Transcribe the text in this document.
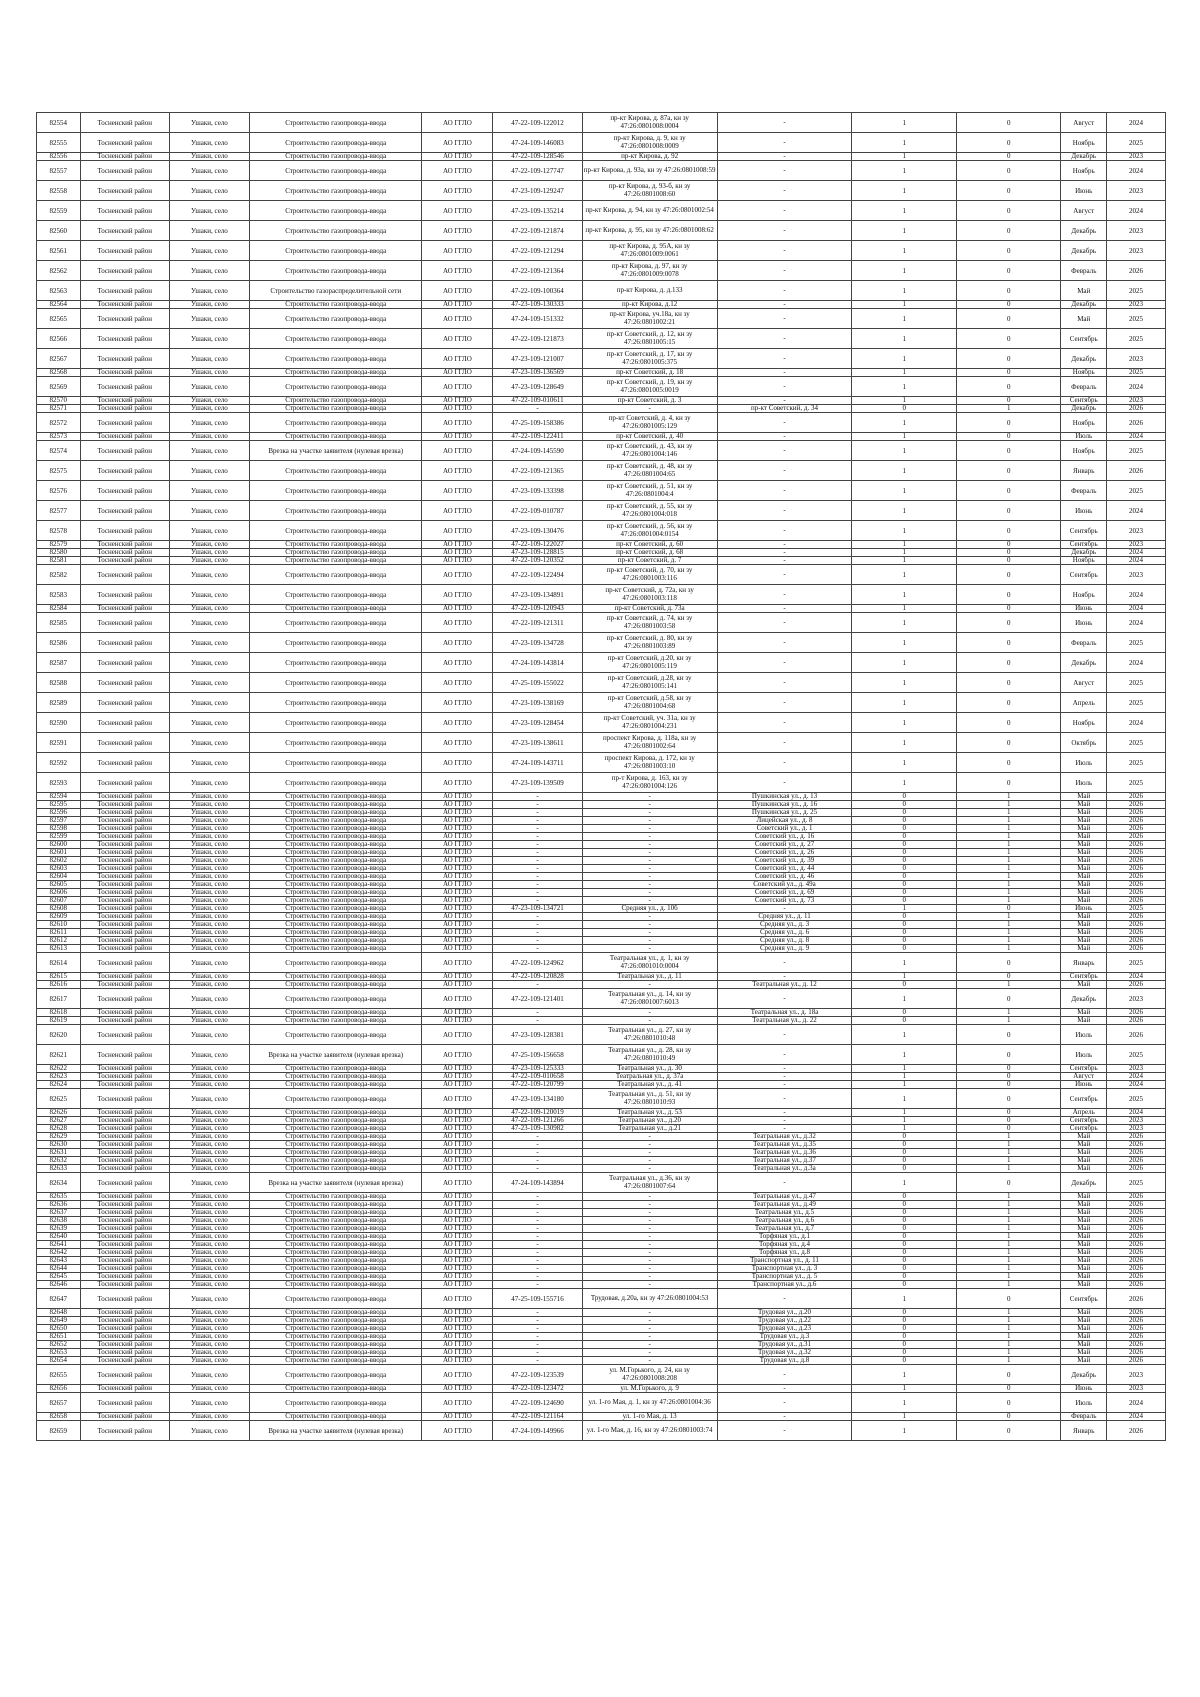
82554	Тосненский район	Ушаки, село	Строительство газопровода-ввода	АО ГГЛО	47-22-109-122012	пр-кт Кирова, д. 87а, кн зу 47:26:0801008:0004	-	1	0	Август	2024
82555	Тосненский район	Ушаки, село	Строительство газопровода-ввода	АО ГГЛО	47-24-109-146083	пр-кт Кирова, д. 9, кн зу 47:26:0801008:0009	-	1	0	Ноябрь	2025
82556	Тосненский район	Ушаки, село	Строительство газопровода-ввода	АО ГГЛО	47-22-109-128546	пр-кт Кирова, д. 92	-	1	0	Декабрь	2023
82557	Тосненский район	Ушаки, село	Строительство газопровода-ввода	АО ГГЛО	47-22-109-127747	пр-кт Кирова, д. 93а, кн зу 47:26:0801008:59	-	1	0	Ноябрь	2024
82558	Тосненский район	Ушаки, село	Строительство газопровода-ввода	АО ГГЛО	47-23-109-129247	пр-кт Кирова, д. 93-б, кн зу 47:26:0801008:60	-	1	0	Июнь	2023
82559	Тосненский район	Ушаки, село	Строительство газопровода-ввода	АО ГГЛО	47-23-109-135214	пр-кт Кирова, д. 94, кн зу 47:26:0801002:54	-	1	0	Август	2024
82560	Тосненский район	Ушаки, село	Строительство газопровода-ввода	АО ГГЛО	47-22-109-121874	пр-кт Кирова, д. 95, кн зу 47:26:0801008:62	-	1	0	Декабрь	2023
82561	Тосненский район	Ушаки, село	Строительство газопровода-ввода	АО ГГЛО	47-22-109-121294	пр-кт Кирова, д. 95А, кн зу 47:26:0801009:0061	-	1	0	Декабрь	2023
82562	Тосненский район	Ушаки, село	Строительство газопровода-ввода	АО ГГЛО	47-22-109-121364	пр-кт Кирова, д. 97, кн зу 47:26:0801009:0078	-	1	0	Февраль	2026
82563	Тосненский район	Ушаки, село	Строительство газораспределительной сети	АО ГГЛО	47-22-109-100364	пр-кт Кирова, д. д.133	-	1	0	Май	2025
82564	Тосненский район	Ушаки, село	Строительство газопровода-ввода	АО ГГЛО	47-23-109-130333	пр-кт Кирова, д.12	-	1	0	Декабрь	2023
82565	Тосненский район	Ушаки, село	Строительство газопровода-ввода	АО ГГЛО	47-24-109-151332	пр-кт Кирова, уч.18а, кн зу 47:26:0801002:21	-	1	0	Май	2025
82566	Тосненский район	Ушаки, село	Строительство газопровода-ввода	АО ГГЛО	47-22-109-121873	пр-кт Советский, д. 12, кн зу 47:26:0801005:15	-	1	0	Сентябрь	2025
82567	Тосненский район	Ушаки, село	Строительство газопровода-ввода	АО ГГЛО	47-23-109-121007	пр-кт Советский, д. 17, кн зу 47:26:0801005:375	-	1	0	Декабрь	2023
82568	Тосненский район	Ушаки, село	Строительство газопровода-ввода	АО ГГЛО	47-23-109-136569	пр-кт Советский, д. 18	-	1	0	Ноябрь	2025
82569	Тосненский район	Ушаки, село	Строительство газопровода-ввода	АО ГГЛО	47-23-109-128649	пр-кт Советский, д. 19, кн зу 47:26:0801005:0019	-	1	0	Февраль	2024
82570	Тосненский район	Ушаки, село	Строительство газопровода-ввода	АО ГГЛО	47-22-109-010611	пр-кт Советский, д. 3	-	1	0	Сентябрь	2023
82571	Тосненский район	Ушаки, село	Строительство газопровода-ввода	АО ГГЛО	-	-	пр-кт Советский, д. 34	0	1	Декабрь	2026
82572	Тосненский район	Ушаки, село	Строительство газопровода-ввода	АО ГГЛО	47-25-109-158386	пр-кт Советский, д. 4, кн зу 47:26:0801005:129	-	1	0	Ноябрь	2026
82573	Тосненский район	Ушаки, село	Строительство газопровода-ввода	АО ГГЛО	47-22-109-122411	пр-кт Советский, д. 40	-	1	0	Июль	2024
82574	Тосненский район	Ушаки, село	Врезка на участке заявителя (нулевая врезка)	АО ГГЛО	47-24-109-145590	пр-кт Советский, д. 43, кн зу 47:26:0801004:146	-	1	0	Ноябрь	2025
82575	Тосненский район	Ушаки, село	Строительство газопровода-ввода	АО ГГЛО	47-22-109-121365	пр-кт Советский, д. 48, кн зу 47:26:0801004:65	-	1	0	Январь	2026
82576	Тосненский район	Ушаки, село	Строительство газопровода-ввода	АО ГГЛО	47-23-109-133398	пр-кт Советский, д. 51, кн зу 47:26:0801004:4	-	1	0	Февраль	2025
82577	Тосненский район	Ушаки, село	Строительство газопровода-ввода	АО ГГЛО	47-22-109-010787	пр-кт Советский, д. 55, кн зу 47:26:0801004:018	-	1	0	Июнь	2024
82578	Тосненский район	Ушаки, село	Строительство газопровода-ввода	АО ГГЛО	47-23-109-130476	пр-кт Советский, д. 56, кн зу 47:26:0801004:0154	-	1	0	Сентябрь	2023
82579	Тосненский район	Ушаки, село	Строительство газопровода-ввода	АО ГГЛО	47-22-109-122027	пр-кт Советский, д. 60	-	1	0	Сентябрь	2023
82580	Тосненский район	Ушаки, село	Строительство газопровода-ввода	АО ГГЛО	47-23-109-128815	пр-кт Советский, д. 68	-	1	0	Декабрь	2024
82581	Тосненский район	Ушаки, село	Строительство газопровода-ввода	АО ГГЛО	47-22-109-120352	пр-кт Советский, д. 7	-	1	0	Ноябрь	2024
82582	Тосненский район	Ушаки, село	Строительство газопровода-ввода	АО ГГЛО	47-22-109-122494	пр-кт Советский, д. 70, кн зу 47:26:0801003:116	-	1	0	Сентябрь	2023
82583	Тосненский район	Ушаки, село	Строительство газопровода-ввода	АО ГГЛО	47-23-109-134891	пр-кт Советский, д. 72а, кн зу 47:26:0801003:118	-	1	0	Ноябрь	2024
82584	Тосненский район	Ушаки, село	Строительство газопровода-ввода	АО ГГЛО	47-22-109-120943	пр-кт Советский, д. 73а	-	1	0	Июнь	2024
82585	Тосненский район	Ушаки, село	Строительство газопровода-ввода	АО ГГЛО	47-22-109-121311	пр-кт Советский, д. 74, кн зу 47:26:0801003:58	-	1	0	Июнь	2024
82586	Тосненский район	Ушаки, село	Строительство газопровода-ввода	АО ГГЛО	47-23-109-134728	пр-кт Советский, д. 80, кн зу 47:26:0801003:89	-	1	0	Февраль	2025
82587	Тосненский район	Ушаки, село	Строительство газопровода-ввода	АО ГГЛО	47-24-109-143814	пр-кт Советский, д.20, кн зу 47:26:0801005:119	-	1	0	Декабрь	2024
82588	Тосненский район	Ушаки, село	Строительство газопровода-ввода	АО ГГЛО	47-25-109-155022	пр-кт Советский, д.28, кн зу 47:26:0801005:141	-	1	0	Август	2025
82589	Тосненский район	Ушаки, село	Строительство газопровода-ввода	АО ГГЛО	47-23-109-138169	пр-кт Советский, д.58, кн зу 47:26:0801004:68	-	1	0	Апрель	2025
82590	Тосненский район	Ушаки, село	Строительство газопровода-ввода	АО ГГЛО	47-23-109-128454	пр-кт Советский, уч. 31а, кн зу 47:26:0801004:231	-	1	0	Ноябрь	2024
82591	Тосненский район	Ушаки, село	Строительство газопровода-ввода	АО ГГЛО	47-23-109-138611	проспект Кирова, д. 118а, кн зу 47:26:0801002:64	-	1	0	Октябрь	2025
82592	Тосненский район	Ушаки, село	Строительство газопровода-ввода	АО ГГЛО	47-24-109-143711	проспект Кирова, д. 172, кн зу 47:26:0801003:10	-	1	0	Июль	2025
82593	Тосненский район	Ушаки, село	Строительство газопровода-ввода	АО ГГЛО	47-23-109-139509	пр-т Кирова, д. 163, кн зу 47:26:0801004:126	-	1	0	Июль	2025
82594	Тосненский район	Ушаки, село	Строительство газопровода-ввода	АО ГГЛО	-	-	Пушкинская ул., д. 13	0	1	Май	2026
82595	Тосненский район	Ушаки, село	Строительство газопровода-ввода	АО ГГЛО	-	-	Пушкинская ул., д. 16	0	1	Май	2026
82596	Тосненский район	Ушаки, село	Строительство газопровода-ввода	АО ГГЛО	-	-	Пушкинская ул., д. 25	0	1	Май	2026
82597	Тосненский район	Ушаки, село	Строительство газопровода-ввода	АО ГГЛО	-	-	Лицейская ул., д. 8	0	1	Май	2026
82598	Тосненский район	Ушаки, село	Строительство газопровода-ввода	АО ГГЛО	-	-	Советский ул., д. 1	0	1	Май	2026
82599	Тосненский район	Ушаки, село	Строительство газопровода-ввода	АО ГГЛО	-	-	Советский ул., д. 16	0	1	Май	2026
82600	Тосненский район	Ушаки, село	Строительство газопровода-ввода	АО ГГЛО	-	-	Советский ул., д. 27	0	1	Май	2026
82601	Тосненский район	Ушаки, село	Строительство газопровода-ввода	АО ГГЛО	-	-	Советский ул., д. 26	0	1	Май	2026
82602	Тосненский район	Ушаки, село	Строительство газопровода-ввода	АО ГГЛО	-	-	Советский ул., д. 39	0	1	Май	2026
82603	Тосненский район	Ушаки, село	Строительство газопровода-ввода	АО ГГЛО	-	-	Советский ул., д. 44	0	1	Май	2026
82604	Тосненский район	Ушаки, село	Строительство газопровода-ввода	АО ГГЛО	-	-	Советский ул., д. 46	0	1	Май	2026
82605	Тосненский район	Ушаки, село	Строительство газопровода-ввода	АО ГГЛО	-	-	Советский ул., д. 49а	0	1	Май	2026
82606	Тосненский район	Ушаки, село	Строительство газопровода-ввода	АО ГГЛО	-	-	Советский ул., д. 69	0	1	Май	2026
82607	Тосненский район	Ушаки, село	Строительство газопровода-ввода	АО ГГЛО	-	-	Советский ул., д. 73	0	1	Май	2026
82608	Тосненский район	Ушаки, село	Строительство газопровода-ввода	АО ГГЛО	47-23-109-134721	Средняя ул., д. 10б	-	1	0	Июнь	2025
82609	Тосненский район	Ушаки, село	Строительство газопровода-ввода	АО ГГЛО	-	-	Средняя ул., д. 11	0	1	Май	2026
82610	Тосненский район	Ушаки, село	Строительство газопровода-ввода	АО ГГЛО	-	-	Средняя ул., д. 3	0	1	Май	2026
82611	Тосненский район	Ушаки, село	Строительство газопровода-ввода	АО ГГЛО	-	-	Средняя ул., д. 6	0	1	Май	2026
82612	Тосненский район	Ушаки, село	Строительство газопровода-ввода	АО ГГЛО	-	-	Средняя ул., д. 8	0	1	Май	2026
82613	Тосненский район	Ушаки, село	Строительство газопровода-ввода	АО ГГЛО	-	-	Средняя ул., д. 9	0	1	Май	2026
82614	Тосненский район	Ушаки, село	Строительство газопровода-ввода	АО ГГЛО	47-22-109-124962	Театральная ул., д. 1, кн зу 47:26:0801010:0004	-	1	0	Январь	2025
82615	Тосненский район	Ушаки, село	Строительство газопровода-ввода	АО ГГЛО	47-22-109-120828	Театральная ул., д. 11	-	1	0	Сентябрь	2024
82616	Тосненский район	Ушаки, село	Строительство газопровода-ввода	АО ГГЛО	-	-	Театральная ул., д. 12	0	1	Май	2026
82617	Тосненский район	Ушаки, село	Строительство газопровода-ввода	АО ГГЛО	47-22-109-121401	Театральная ул., д. 14, кн зу 47:26:0801007:6013	-	1	0	Декабрь	2023
82618	Тосненский район	Ушаки, село	Строительство газопровода-ввода	АО ГГЛО	-	-	Театральная ул., д. 18а	0	1	Май	2026
82619	Тосненский район	Ушаки, село	Строительство газопровода-ввода	АО ГГЛО	-	-	Театральная ул., д. 22	0	1	Май	2026
82620	Тосненский район	Ушаки, село	Строительство газопровода-ввода	АО ГГЛО	47-23-109-128381	Театральная ул., д. 27, кн зу 47:26:0801010:48	-	1	0	Июль	2026
82621	Тосненский район	Ушаки, село	Врезка на участке заявителя (нулевая врезка)	АО ГГЛО	47-25-109-156658	Театральная ул., д. 28, кн зу 47:26:0801010:49	-	1	0	Июль	2025
82622	Тосненский район	Ушаки, село	Строительство газопровода-ввода	АО ГГЛО	47-23-109-125333	Театральная ул., д. 30	-	1	0	Сентябрь	2023
82623	Тосненский район	Ушаки, село	Строительство газопровода-ввода	АО ГГЛО	47-22-109-010658	Театральная ул., д. 37а	-	1	0	Август	2024
82624	Тосненский район	Ушаки, село	Строительство газопровода-ввода	АО ГГЛО	47-22-109-120799	Театральная ул., д. 41	-	1	0	Июнь	2024
82625	Тосненский район	Ушаки, село	Строительство газопровода-ввода	АО ГГЛО	47-23-109-134180	Театральная ул., д. 51, кн зу 47:26:0801010:93	-	1	0	Сентябрь	2025
82626	Тосненский район	Ушаки, село	Строительство газопровода-ввода	АО ГГЛО	47-22-109-120019	Театральная ул., д. 53	-	1	0	Апрель	2024
82627	Тосненский район	Ушаки, село	Строительство газопровода-ввода	АО ГГЛО	47-22-109-121266	Театральная ул., д.20	-	1	0	Сентябрь	2023
82628	Тосненский район	Ушаки, село	Строительство газопровода-ввода	АО ГГЛО	47-23-109-130982	Театральная ул., д.21	-	1	0	Сентябрь	2023
82629	Тосненский район	Ушаки, село	Строительство газопровода-ввода	АО ГГЛО	-	-	Театральная ул., д.32	0	1	Май	2026
82630	Тосненский район	Ушаки, село	Строительство газопровода-ввода	АО ГГЛО	-	-	Театральная ул., д.35	0	1	Май	2026
82631	Тосненский район	Ушаки, село	Строительство газопровода-ввода	АО ГГЛО	-	-	Театральная ул., д.36	0	1	Май	2026
82632	Тосненский район	Ушаки, село	Строительство газопровода-ввода	АО ГГЛО	-	-	Театральная ул., д.37	0	1	Май	2026
82633	Тосненский район	Ушаки, село	Строительство газопровода-ввода	АО ГГЛО	-	-	Театральная ул., д.3а	0	1	Май	2026
82634	Тосненский район	Ушаки, село	Врезка на участке заявителя (нулевая врезка)	АО ГГЛО	47-24-109-143894	Театральная ул., д.36, кн зу 47:26:0801007:64	-	1	0	Декабрь	2025
82635	Тосненский район	Ушаки, село	Строительство газопровода-ввода	АО ГГЛО	-	-	Театральная ул., д.47	0	1	Май	2026
82636	Тосненский район	Ушаки, село	Строительство газопровода-ввода	АО ГГЛО	-	-	Театральная ул., д.49	0	1	Май	2026
82637	Тосненский район	Ушаки, село	Строительство газопровода-ввода	АО ГГЛО	-	-	Театральная ул., д.5	0	1	Май	2026
82638	Тосненский район	Ушаки, село	Строительство газопровода-ввода	АО ГГЛО	-	-	Театральная ул., д.6	0	1	Май	2026
82639	Тосненский район	Ушаки, село	Строительство газопровода-ввода	АО ГГЛО	-	-	Театральная ул., д.7	0	1	Май	2026
82640	Тосненский район	Ушаки, село	Строительство газопровода-ввода	АО ГГЛО	-	-	Торфяная ул., д.1	0	1	Май	2026
82641	Тосненский район	Ушаки, село	Строительство газопровода-ввода	АО ГГЛО	-	-	Торфяная ул., д.4	0	1	Май	2026
82642	Тосненский район	Ушаки, село	Строительство газопровода-ввода	АО ГГЛО	-	-	Торфяная ул., д.8	0	1	Май	2026
82643	Тосненский район	Ушаки, село	Строительство газопровода-ввода	АО ГГЛО	-	-	Транспортная ул., д. 11	0	1	Май	2026
82644	Тосненский район	Ушаки, село	Строительство газопровода-ввода	АО ГГЛО	-	-	Транспортная ул., д. 3	0	1	Май	2026
82645	Тосненский район	Ушаки, село	Строительство газопровода-ввода	АО ГГЛО	-	-	Транспортная ул., д. 5	0	1	Май	2026
82646	Тосненский район	Ушаки, село	Строительство газопровода-ввода	АО ГГЛО	-	-	Транспортная ул., д.6	0	1	Май	2026
82647	Тосненский район	Ушаки, село	Строительство газопровода-ввода	АО ГГЛО	47-25-109-155716	Трудовая, д.20а, кн зу 47:26:0801004:53	-	1	0	Сентябрь	2026
82648	Тосненский район	Ушаки, село	Строительство газопровода-ввода	АО ГГЛО	-	-	Трудовая ул., д.20	0	1	Май	2026
82649	Тосненский район	Ушаки, село	Строительство газопровода-ввода	АО ГГЛО	-	-	Трудовая ул., д.22	0	1	Май	2026
82650	Тосненский район	Ушаки, село	Строительство газопровода-ввода	АО ГГЛО	-	-	Трудовая ул., д.23	0	1	Май	2026
82651	Тосненский район	Ушаки, село	Строительство газопровода-ввода	АО ГГЛО	-	-	Трудовая ул., д.3	0	1	Май	2026
82652	Тосненский район	Ушаки, село	Строительство газопровода-ввода	АО ГГЛО	-	-	Трудовая ул., д.31	0	1	Май	2026
82653	Тосненский район	Ушаки, село	Строительство газопровода-ввода	АО ГГЛО	-	-	Трудовая ул., д.32	0	1	Май	2026
82654	Тосненский район	Ушаки, село	Строительство газопровода-ввода	АО ГГЛО	-	-	Трудовая ул., д.8	0	1	Май	2026
82655	Тосненский район	Ушаки, село	Строительство газопровода-ввода	АО ГГЛО	47-22-109-123539	ул. М.Горького, д. 24, кн зу 47:26:0801008:208	-	1	0	Декабрь	2023
82656	Тосненский район	Ушаки, село	Строительство газопровода-ввода	АО ГГЛО	47-22-109-123472	ул. М.Горького, д. 9	-	1	0	Июнь	2023
82657	Тосненский район	Ушаки, село	Строительство газопровода-ввода	АО ГГЛО	47-22-109-124690	ул. 1-го Мая, д. 1, кн зу 47:26:0801004:36	-	1	0	Июль	2024
82658	Тосненский район	Ушаки, село	Строительство газопровода-ввода	АО ГГЛО	47-22-109-121164	ул. 1-го Мая, д. 13	-	1	0	Февраль	2024
82659	Тосненский район	Ушаки, село	Врезка на участке заявителя (нулевая врезка)	АО ГГЛО	47-24-109-149966	ул. 1-го Мая, д. 16, кн зу 47:26:0801003:74	-	1	0	Январь	2026
